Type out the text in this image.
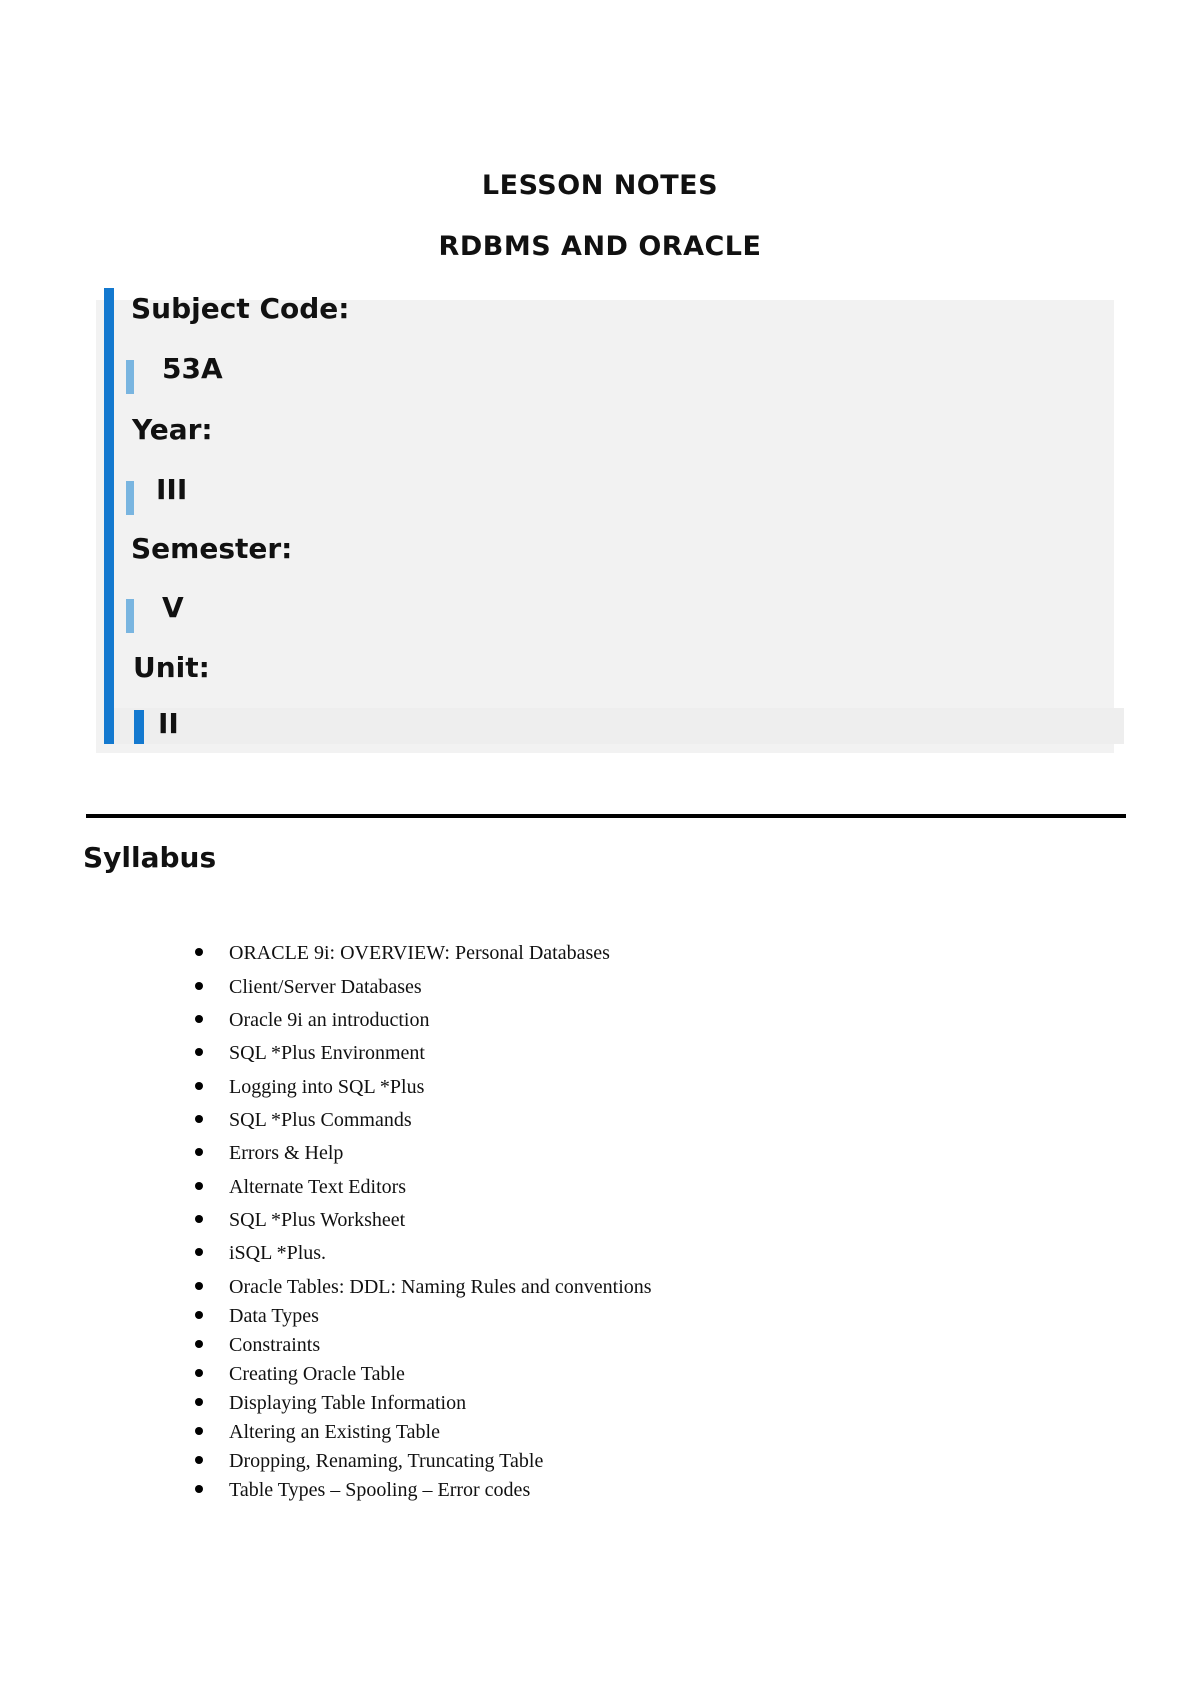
LESSON NOTES
RDBMS AND ORACLE

Subject Code:

53A

Year:

III

Semester:

V

Unit:

II

Syllabus
ORACLE 9i: OVERVIEW: Personal Databases
Client/Server Databases
Oracle 9i an introduction
SQL *Plus Environment
Logging into SQL *Plus
SQL *Plus Commands
Errors & Help
Alternate Text Editors
SQL *Plus Worksheet
iSQL *Plus.
Oracle Tables: DDL: Naming Rules and conventions
Data Types
Constraints
Creating Oracle Table
Displaying Table Information
Altering an Existing Table
Dropping, Renaming, Truncating Table
Table Types – Spooling – Error codes
